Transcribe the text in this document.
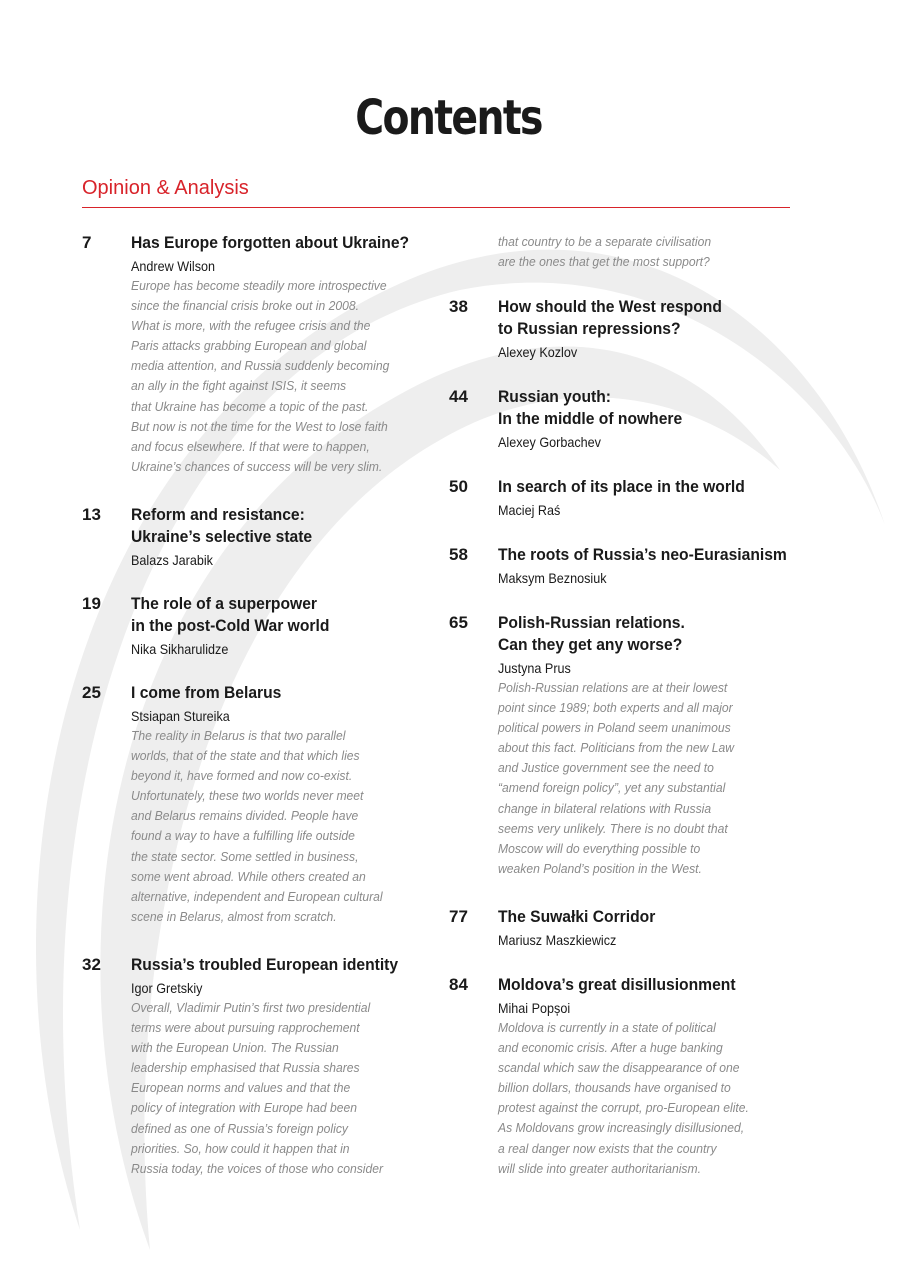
Contents
Opinion & Analysis
7 Has Europe forgotten about Ukraine?
Andrew Wilson
Europe has become steadily more introspective
since the financial crisis broke out in 2008.
What is more, with the refugee crisis and the
Paris attacks grabbing European and global
media attention, and Russia suddenly becoming
an ally in the fight against ISIS, it seems
that Ukraine has become a topic of the past.
But now is not the time for the West to lose faith
and focus elsewhere. If that were to happen,
Ukraine’s chances of success will be very slim.
13 Reform and resistance:
Ukraine’s selective state
Balazs Jarabik
19 The role of a superpower
in the post-Cold War world
Nika Sikharulidze
25 I come from Belarus
Stsiapan Stureika
The reality in Belarus is that two parallel
worlds, that of the state and that which lies
beyond it, have formed and now co-exist.
Unfortunately, these two worlds never meet
and Belarus remains divided. People have
found a way to have a fulfilling life outside
the state sector. Some settled in business,
some went abroad. While others created an
alternative, independent and European cultural
scene in Belarus, almost from scratch.
32 Russia’s troubled European identity
Igor Gretskiy
Overall, Vladimir Putin’s first two presidential
terms were about pursuing rapprochement
with the European Union. The Russian
leadership emphasised that Russia shares
European norms and values and that the
policy of integration with Europe had been
defined as one of Russia’s foreign policy
priorities. So, how could it happen that in
Russia today, the voices of those who consider
that country to be a separate civilisation
are the ones that get the most support?
38 How should the West respond
to Russian repressions?
Alexey Kozlov
44 Russian youth:
In the middle of nowhere
Alexey Gorbachev
50 In search of its place in the world
Maciej Raś
58 The roots of Russia’s neo-Eurasianism
Maksym Beznosiuk
65 Polish-Russian relations.
Can they get any worse?
Justyna Prus
Polish-Russian relations are at their lowest
point since 1989; both experts and all major
political powers in Poland seem unanimous
about this fact. Politicians from the new Law
and Justice government see the need to
“amend foreign policy”, yet any substantial
change in bilateral relations with Russia
seems very unlikely. There is no doubt that
Moscow will do everything possible to
weaken Poland’s position in the West.
77 The Suwałki Corridor
Mariusz Maszkiewicz
84 Moldova’s great disillusionment
Mihai Popșoi
Moldova is currently in a state of political
and economic crisis. After a huge banking
scandal which saw the disappearance of one
billion dollars, thousands have organised to
protest against the corrupt, pro-European elite.
As Moldovans grow increasingly disillusioned,
a real danger now exists that the country
will slide into greater authoritarianism.
